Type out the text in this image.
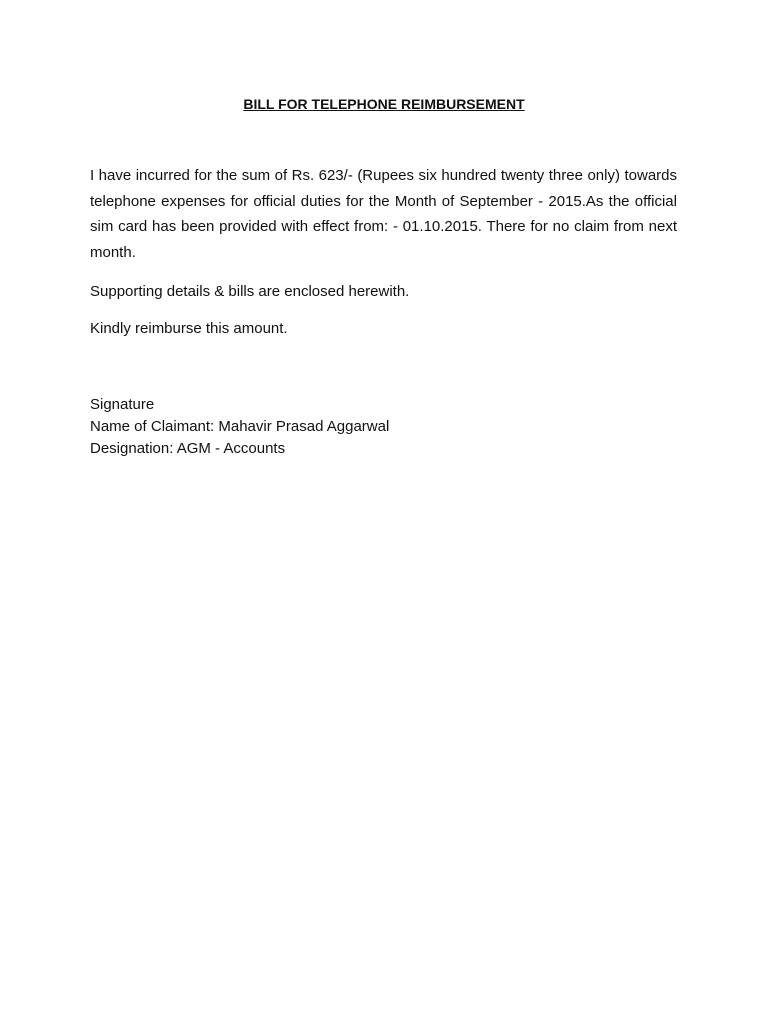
BILL FOR TELEPHONE REIMBURSEMENT

I have incurred for the sum of Rs. 623/- (Rupees six hundred twenty three only) towards telephone expenses for official duties for the Month of September - 2015.As the official sim card has been provided with effect from: - 01.10.2015. There for no claim from next month.

Supporting details & bills are enclosed herewith.

Kindly reimburse this amount.

Signature

Name of Claimant: Mahavir Prasad Aggarwal

Designation: AGM - Accounts
